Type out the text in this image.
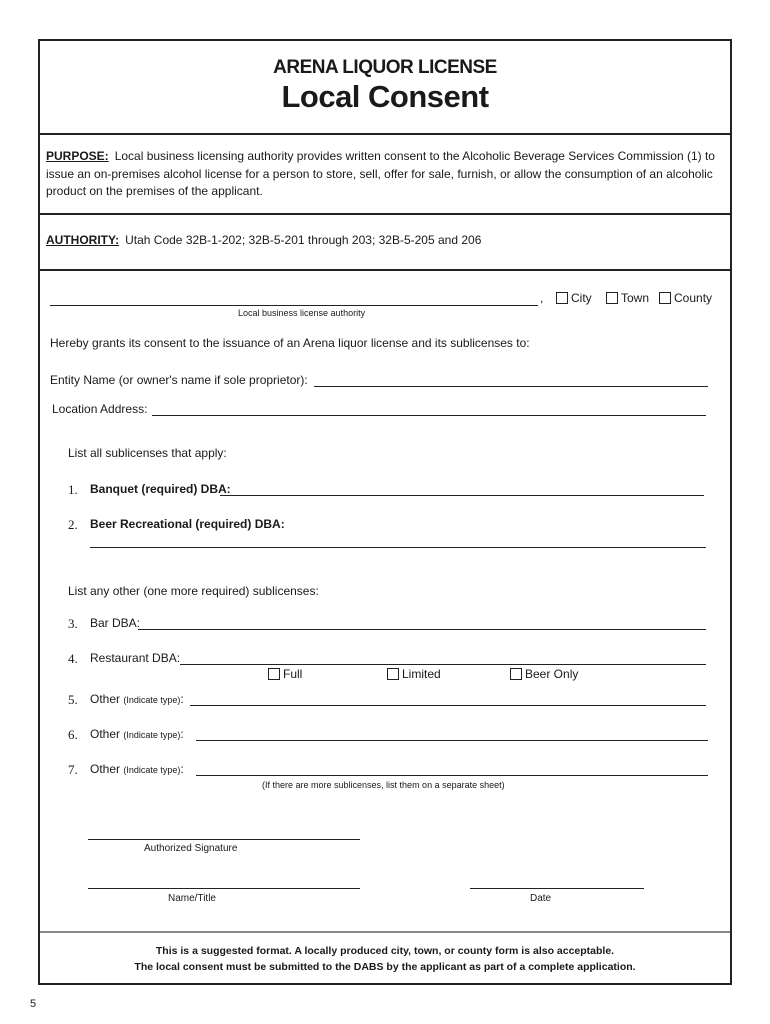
ARENA LIQUOR LICENSE
Local Consent
PURPOSE: Local business licensing authority provides written consent to the Alcoholic Beverage Services Commission (1) to issue an on-premises alcohol license for a person to store, sell, offer for sale, furnish, or allow the consumption of an alcoholic product on the premises of the applicant.
AUTHORITY: Utah Code 32B-1-202; 32B-5-201 through 203; 32B-5-205 and 206
, City Town County
Local business license authority
Hereby grants its consent to the issuance of an Arena liquor license and its sublicenses to:
Entity Name (or owner's name if sole proprietor):
Location Address:
List all sublicenses that apply:
1. Banquet (required) DBA:
2. Beer Recreational (required) DBA:
List any other (one more required) sublicenses:
3. Bar DBA:
4. Restaurant DBA:
Full	Limited	Beer Only
5. Other (Indicate type):
6. Other (Indicate type):
7. Other (Indicate type):
(If there are more sublicenses, list them on a separate sheet)
Authorized Signature
Name/Title	Date
This is a suggested format. A locally produced city, town, or county form is also acceptable.
The local consent must be submitted to the DABS by the applicant as part of a complete application.
5
